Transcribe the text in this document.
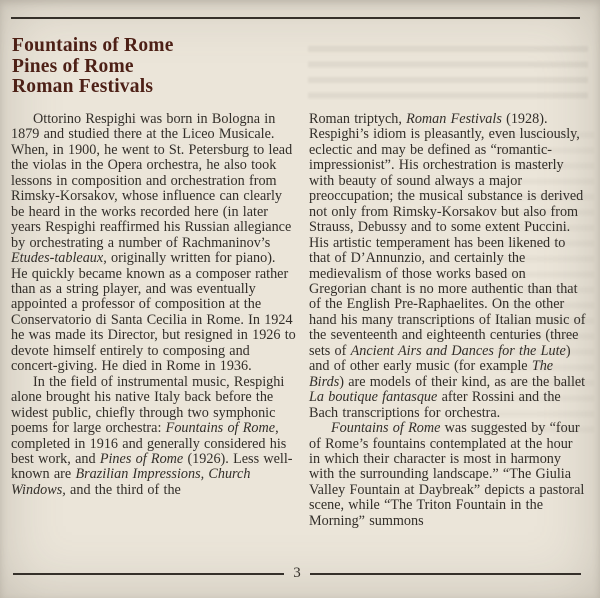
Fountains of Rome
Pines of Rome
Roman Festivals

Ottorino Respighi was born in Bologna in 1879 and studied there at the Liceo Musicale. When, in 1900, he went to St. Petersburg to lead the violas in the Opera orchestra, he also took lessons in composition and orchestration from Rimsky-Korsakov, whose influence can clearly be heard in the works recorded here (in later years Respighi reaffirmed his Russian allegiance by orchestrating a number of Rachmaninov’s Etudes-tableaux, originally written for piano). He quickly became known as a composer rather than as a string player, and was eventually appointed a professor of composition at the Conservatorio di Santa Cecilia in Rome. In 1924 he was made its Director, but resigned in 1926 to devote himself entirely to composing and concert-giving. He died in Rome in 1936.

In the field of instrumental music, Respighi alone brought his native Italy back before the widest public, chiefly through two symphonic poems for large orchestra: Fountains of Rome, completed in 1916 and generally considered his best work, and Pines of Rome (1926). Less well-known are Brazilian Impressions, Church Windows, and the third of the

Roman triptych, Roman Festivals (1928). Respighi’s idiom is pleasantly, even lusciously, eclectic and may be defined as “romantic-impressionist”. His orchestration is masterly with beauty of sound always a major preoccupation; the musical substance is derived not only from Rimsky-Korsakov but also from Strauss, Debussy and to some extent Puccini. His artistic temperament has been likened to that of D’Annunzio, and certainly the medievalism of those works based on Gregorian chant is no more authentic than that of the English Pre-Raphaelites. On the other hand his many transcriptions of Italian music of the seventeenth and eighteenth centuries (three sets of Ancient Airs and Dances for the Lute) and of other early music (for example The Birds) are models of their kind, as are the ballet La boutique fantasque after Rossini and the Bach transcriptions for orchestra.

Fountains of Rome was suggested by “four of Rome’s fountains contemplated at the hour in which their character is most in harmony with the surrounding landscape.” “The Giulia Valley Fountain at Daybreak” depicts a pastoral scene, while “The Triton Fountain in the Morning” summons

3
